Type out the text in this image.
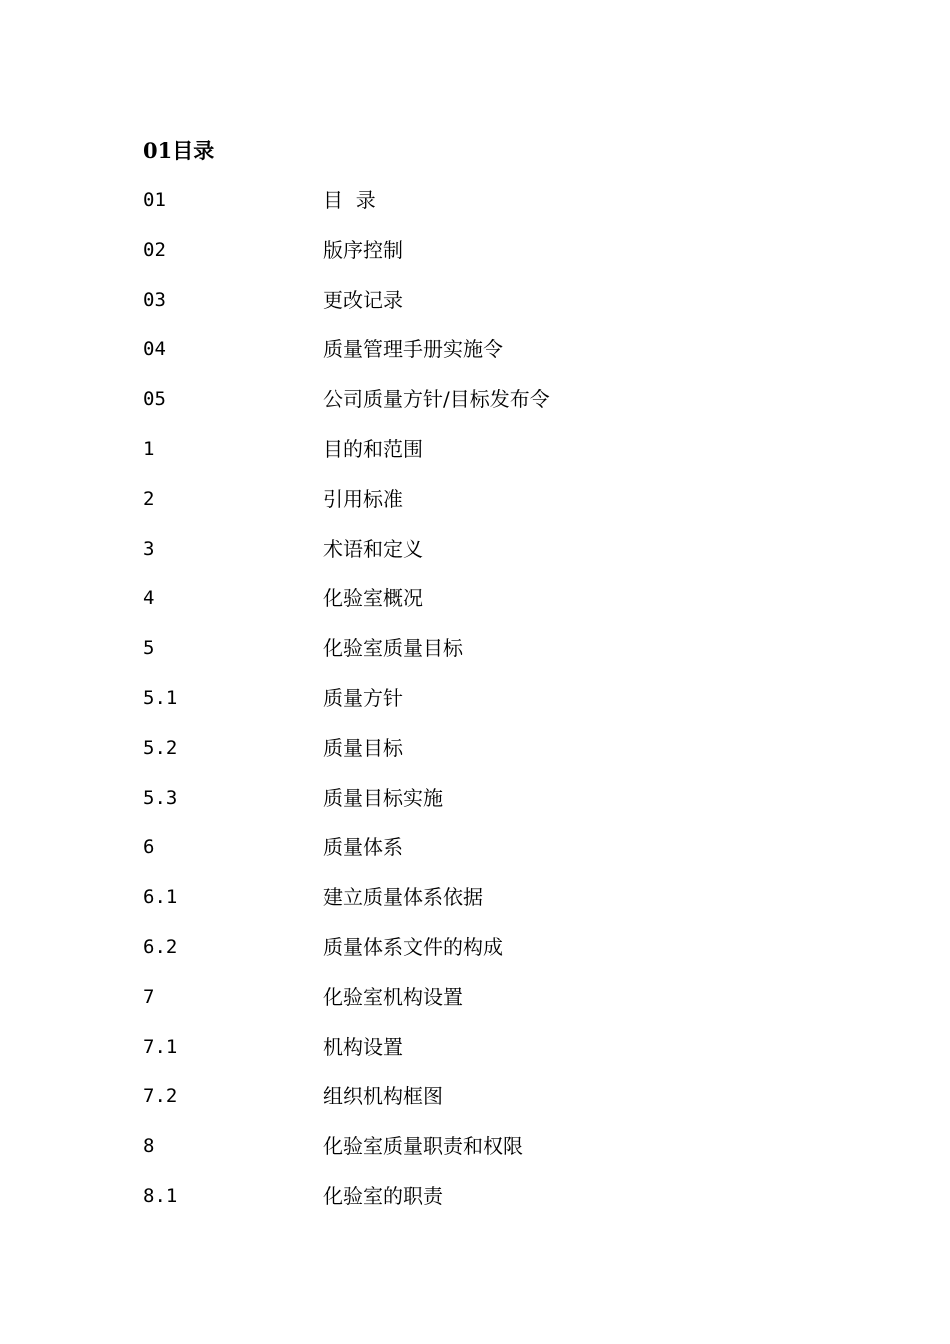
01目录
01	目  录
02	版序控制
03	更改记录
04	质量管理手册实施令
05	公司质量方针/目标发布令
1	目的和范围
2	引用标准
3	术语和定义
4	化验室概况
5	化验室质量目标
5.1	质量方针
5.2	质量目标
5.3	质量目标实施
6	质量体系
6.1	建立质量体系依据
6.2	质量体系文件的构成
7	化验室机构设置
7.1	机构设置
7.2	组织机构框图
8	化验室质量职责和权限
8.1	化验室的职责
